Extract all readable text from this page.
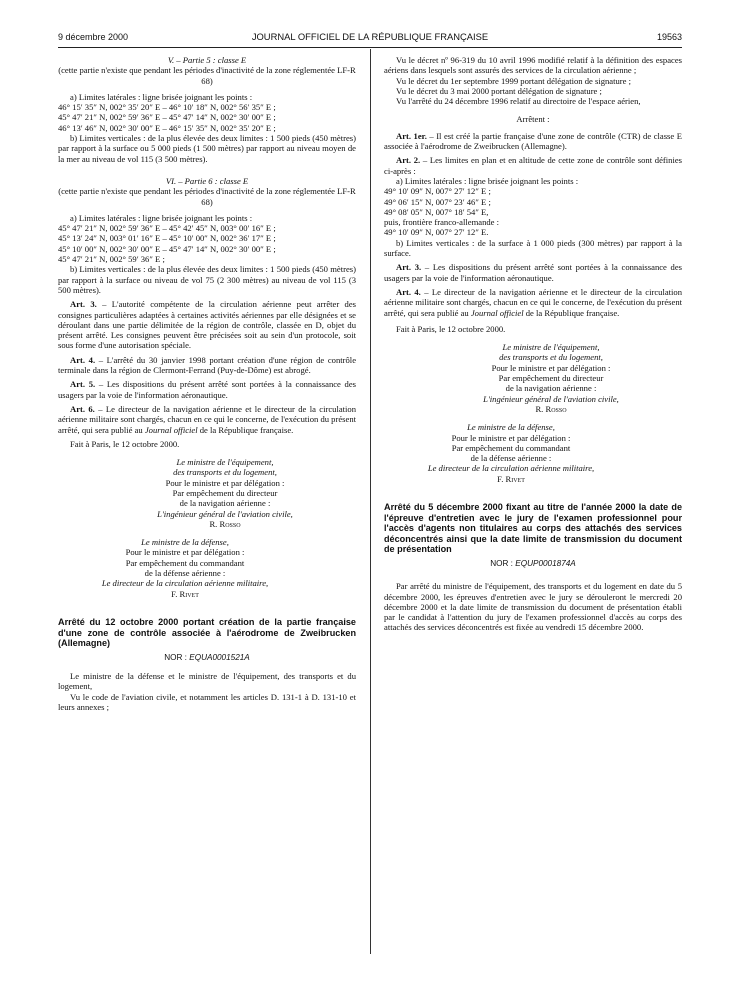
9 décembre 2000	JOURNAL OFFICIEL DE LA RÉPUBLIQUE FRANÇAISE	19563

V. – Partie 5 : classe E

(cette partie n'existe que pendant les périodes d'inactivité de la zone réglementée LF-R 68)

a) Limites latérales : ligne brisée joignant les points :

46° 15′ 35″ N, 002° 35′ 20″ E – 46° 10′ 18″ N, 002° 56′ 35″ E ;

45° 47′ 21″ N, 002° 59′ 36″ E – 45° 47′ 14″ N, 002° 30′ 00″ E ;

46° 13′ 46″ N, 002° 30′ 00″ E – 46° 15′ 35″ N, 002° 35′ 20″ E ;

b) Limites verticales : de la plus élevée des deux limites : 1 500 pieds (450 mètres) par rapport à la surface ou 5 000 pieds (1 500 mètres) par rapport au niveau moyen de la mer au niveau de vol 115 (3 500 mètres).

VI. – Partie 6 : classe E

(cette partie n'existe que pendant les périodes d'inactivité de la zone réglementée LF-R 68)

a) Limites latérales : ligne brisée joignant les points :

45° 47′ 21″ N, 002° 59′ 36″ E – 45° 42′ 45″ N, 003° 00′ 16″ E ;

45° 13′ 24″ N, 003° 01′ 16″ E – 45° 10′ 00″ N, 002° 36′ 17″ E ;

45° 10′ 00″ N, 002° 30′ 00″ E – 45° 47′ 14″ N, 002° 30′ 00″ E ;

45° 47′ 21″ N, 002° 59′ 36″ E ;

b) Limites verticales : de la plus élevée des deux limites : 1 500 pieds (450 mètres) par rapport à la surface ou niveau de vol 75 (2 300 mètres) au niveau de vol 115 (3 500 mètres).

Art. 3. – L'autorité compétente de la circulation aérienne peut arrêter des consignes particulières adaptées à certaines activités aériennes par elle désignées et se déroulant dans une partie délimitée de la région de contrôle, classée en D, objet du présent arrêté. Les consignes peuvent être précisées soit au sein d'un protocole, soit sous forme d'une autorisation spéciale.

Art. 4. – L'arrêté du 30 janvier 1998 portant création d'une région de contrôle terminale dans la région de Clermont-Ferrand (Puy-de-Dôme) est abrogé.

Art. 5. – Les dispositions du présent arrêté sont portées à la connaissance des usagers par la voie de l'information aéronautique.

Art. 6. – Le directeur de la navigation aérienne et le directeur de la circulation aérienne militaire sont chargés, chacun en ce qui le concerne, de l'exécution du présent arrêté, qui sera publié au Journal officiel de la République française.

Fait à Paris, le 12 octobre 2000.

Le ministre de l'équipement,

des transports et du logement,

Pour le ministre et par délégation :

Par empêchement du directeur

de la navigation aérienne :

L'ingénieur général de l'aviation civile,

R. Rosso

Le ministre de la défense,

Pour le ministre et par délégation :

Par empêchement du commandant

de la défense aérienne :

Le directeur de la circulation aérienne militaire,

F. Rivet

Arrêté du 12 octobre 2000 portant création de la partie française d'une zone de contrôle associée à l'aérodrome de Zweibrucken (Allemagne)

NOR : EQUA0001521A

Le ministre de la défense et le ministre de l'équipement, des transports et du logement,

Vu le code de l'aviation civile, et notamment les articles D. 131-1 à D. 131-10 et leurs annexes ;

Vu le décret nº 96-319 du 10 avril 1996 modifié relatif à la définition des espaces aériens dans lesquels sont assurés des services de la circulation aérienne ;

Vu le décret du 1er septembre 1999 portant délégation de signature ;

Vu le décret du 3 mai 2000 portant délégation de signature ;

Vu l'arrêté du 24 décembre 1996 relatif au directoire de l'espace aérien,

Arrêtent :

Art. 1er. – Il est créé la partie française d'une zone de contrôle (CTR) de classe E associée à l'aérodrome de Zweibrucken (Allemagne).

Art. 2. – Les limites en plan et en altitude de cette zone de contrôle sont définies ci-après :

a) Limites latérales : ligne brisée joignant les points :

49° 10′ 09″ N, 007° 27′ 12″ E ;

49° 06′ 15″ N, 007° 23′ 46″ E ;

49° 08′ 05″ N, 007° 18′ 54″ E,

puis, frontière franco-allemande :

49° 10′ 09″ N, 007° 27′ 12″ E.

b) Limites verticales : de la surface à 1 000 pieds (300 mètres) par rapport à la surface.

Art. 3. – Les dispositions du présent arrêté sont portées à la connaissance des usagers par la voie de l'information aéronautique.

Art. 4. – Le directeur de la navigation aérienne et le directeur de la circulation aérienne militaire sont chargés, chacun en ce qui le concerne, de l'exécution du présent arrêté, qui sera publié au Journal officiel de la République française.

Fait à Paris, le 12 octobre 2000.

Le ministre de l'équipement,

des transports et du logement,

Pour le ministre et par délégation :

Par empêchement du directeur

de la navigation aérienne :

L'ingénieur général de l'aviation civile,

R. Rosso

Le ministre de la défense,

Pour le ministre et par délégation :

Par empêchement du commandant

de la défense aérienne :

Le directeur de la circulation aérienne militaire,

F. Rivet

Arrêté du 5 décembre 2000 fixant au titre de l'année 2000 la date de l'épreuve d'entretien avec le jury de l'examen professionnel pour l'accès d'agents non titulaires au corps des attachés des services déconcentrés ainsi que la date limite de transmission du document de présentation

NOR : EQUP0001874A

Par arrêté du ministre de l'équipement, des transports et du logement en date du 5 décembre 2000, les épreuves d'entretien avec le jury se dérouleront le mercredi 20 décembre 2000 et la date limite de transmission du document de présentation établi par le candidat à l'attention du jury de l'examen professionnel d'accès au corps des attachés des services déconcentrés est fixée au vendredi 15 décembre 2000.
